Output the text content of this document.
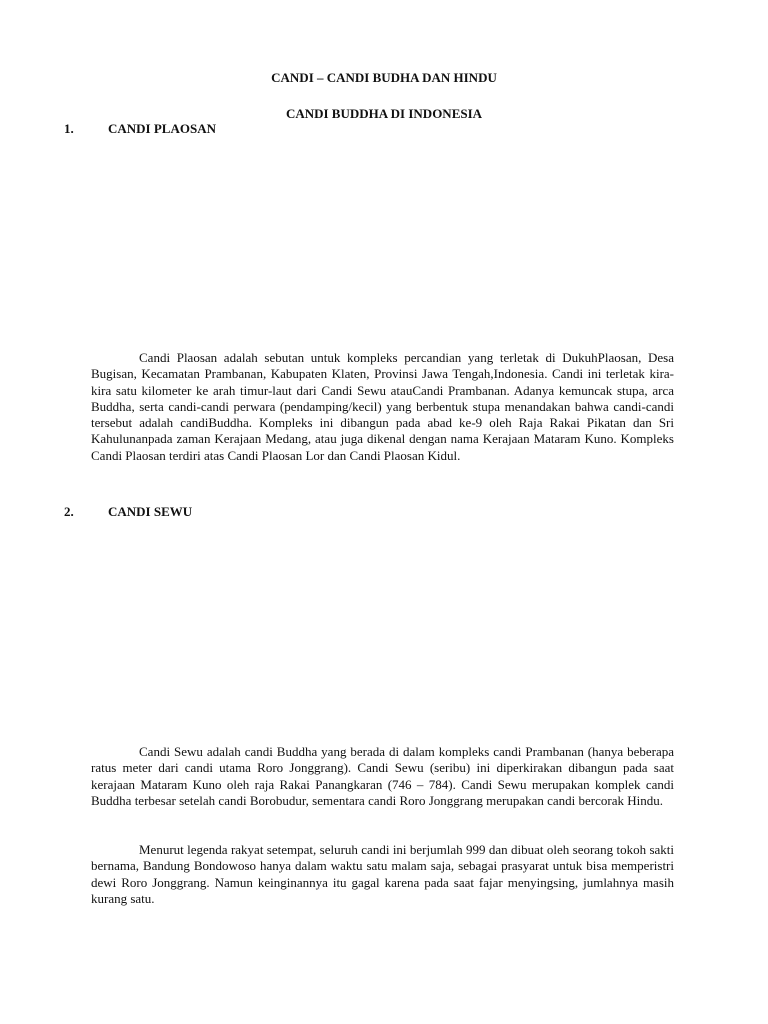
CANDI – CANDI BUDHA DAN HINDU
CANDI BUDDHA DI INDONESIA
1.	CANDI PLAOSAN

Candi Plaosan adalah sebutan untuk kompleks percandian yang terletak di DukuhPlaosan, Desa Bugisan, Kecamatan Prambanan, Kabupaten Klaten, Provinsi Jawa Tengah,Indonesia. Candi ini terletak kira-kira satu kilometer ke arah timur-laut dari Candi Sewu atauCandi Prambanan. Adanya kemuncak stupa, arca Buddha, serta candi-candi perwara (pendamping/kecil) yang berbentuk stupa menandakan bahwa candi-candi tersebut adalah candiBuddha. Kompleks ini dibangun pada abad ke-9 oleh Raja Rakai Pikatan dan Sri Kahulunanpada zaman Kerajaan Medang, atau juga dikenal dengan nama Kerajaan Mataram Kuno. Kompleks Candi Plaosan terdiri atas Candi Plaosan Lor dan Candi Plaosan Kidul.

2.	CANDI SEWU

Candi Sewu adalah candi Buddha yang berada di dalam kompleks candi Prambanan (hanya beberapa ratus meter dari candi utama Roro Jonggrang). Candi Sewu (seribu) ini diperkirakan dibangun pada saat kerajaan Mataram Kuno oleh raja Rakai Panangkaran (746 – 784). Candi Sewu merupakan komplek candi Buddha terbesar setelah candi Borobudur, sementara candi Roro Jonggrang merupakan candi bercorak Hindu.

Menurut legenda rakyat setempat, seluruh candi ini berjumlah 999 dan dibuat oleh seorang tokoh sakti bernama, Bandung Bondowoso hanya dalam waktu satu malam saja, sebagai prasyarat untuk bisa memperistri dewi Roro Jonggrang. Namun keinginannya itu gagal karena pada saat fajar menyingsing, jumlahnya masih kurang satu.
